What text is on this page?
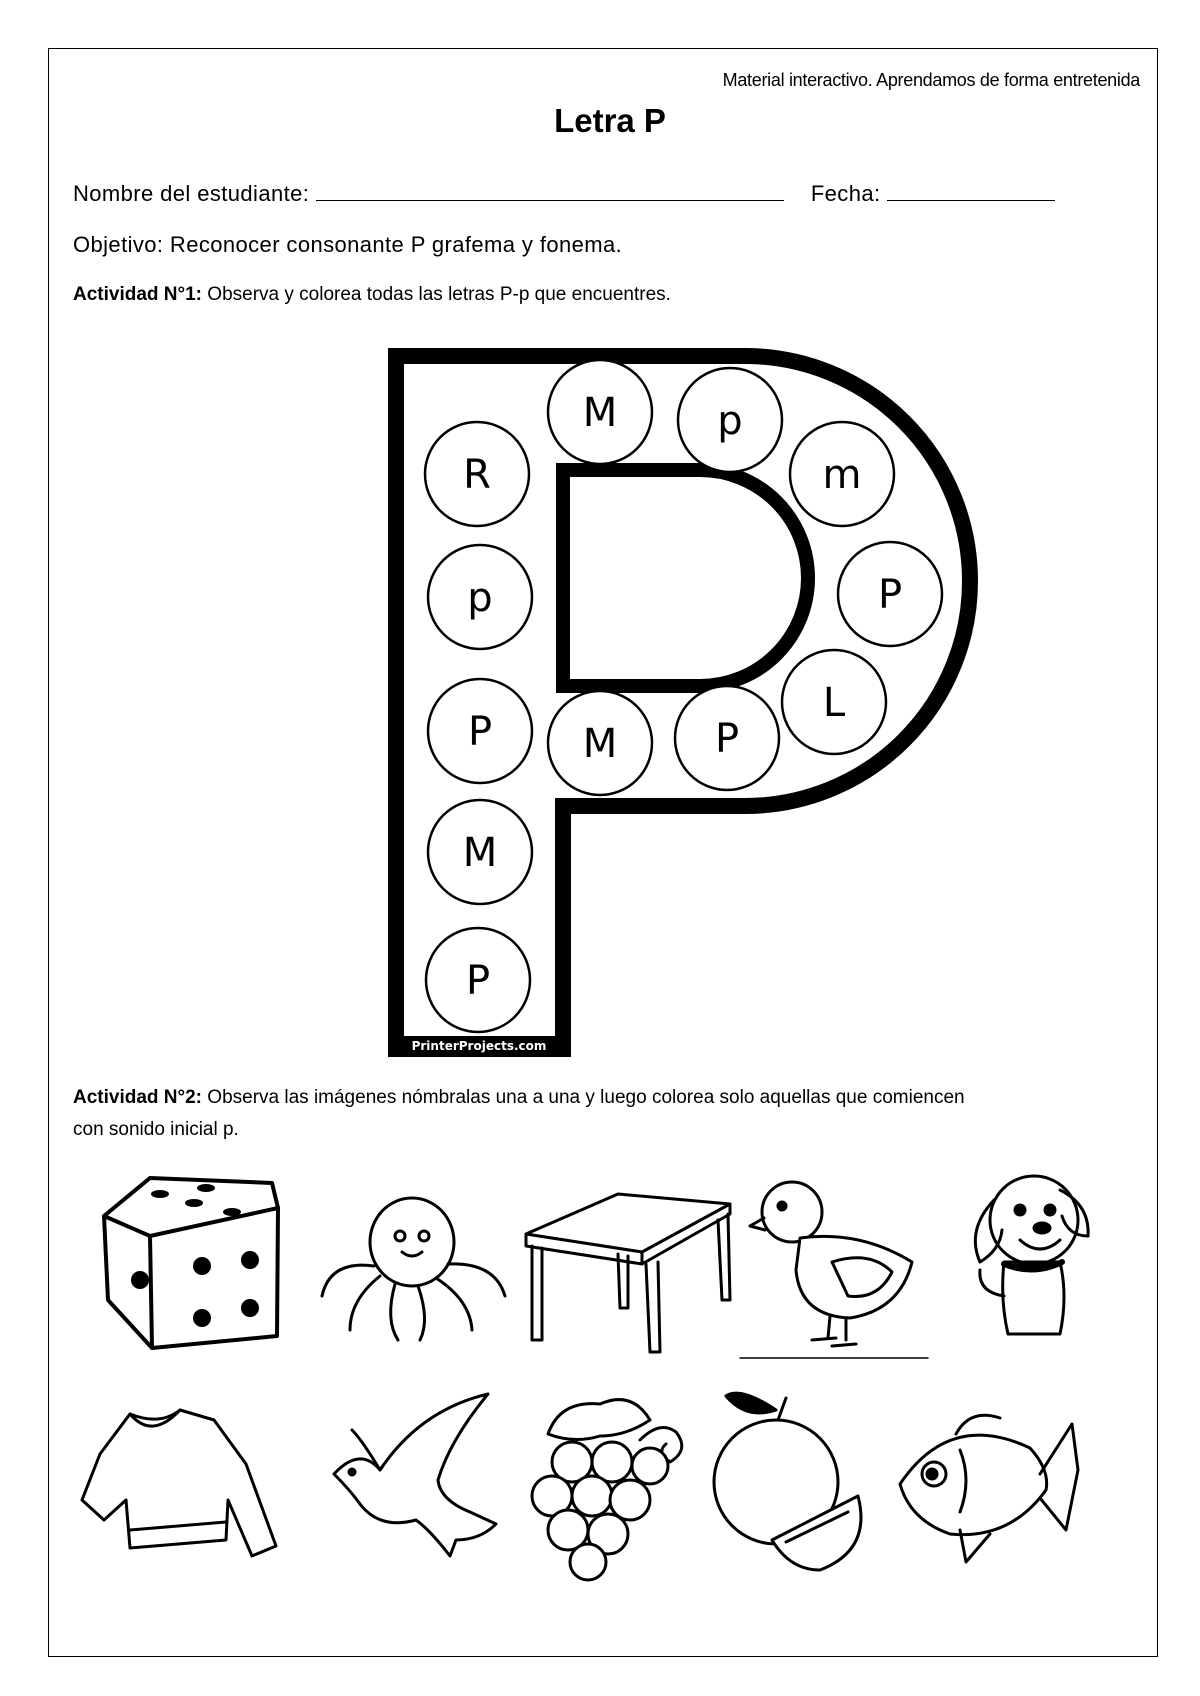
Material interactivo. Aprendamos de forma entretenida
Letra P
Nombre del estudiante:	Fecha:
Objetivo: Reconocer consonante P grafema y fonema.
Actividad N°1: Observa y colorea todas las letras P-p que encuentres.
PrinterProjects.com
M	p
R	m
p	P
P M P
L
M
P
Actividad N°2: Observa las imágenes nómbralas una a una y luego colorea solo aquellas que comiencen
con sonido inicial p.
